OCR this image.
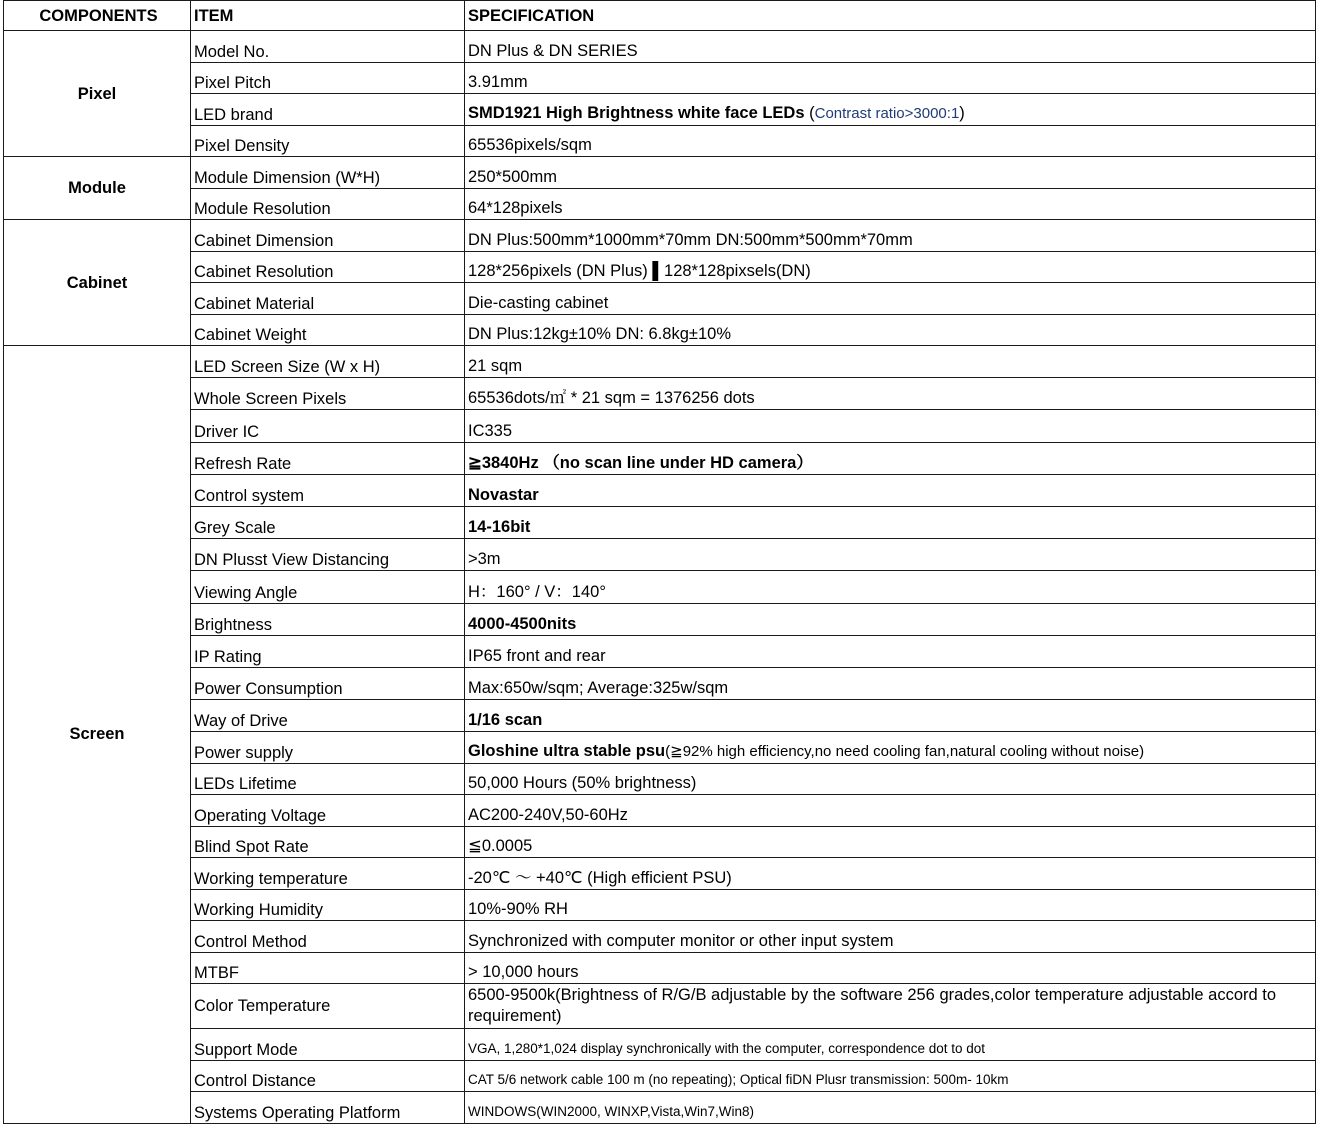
COMPONENTS	ITEM	SPECIFICATION
Pixel	Model No.	DN Plus & DN SERIES
	Pixel Pitch	3.91mm
	LED brand	SMD1921 High Brightness white face LEDs (Contrast ratio>3000:1)
	Pixel Density	65536pixels/sqm
Module	Module Dimension (W*H)	250*500mm
	Module Resolution	64*128pixels
Cabinet	Cabinet Dimension	DN Plus:500mm*1000mm*70mm DN:500mm*500mm*70mm
	Cabinet Resolution	128*256pixels (DN Plus) ▌128*128pixsels(DN)
	Cabinet Material	Die-casting cabinet
	Cabinet Weight	DN Plus:12kg±10% DN: 6.8kg±10%
Screen	LED Screen Size (W x H)	21 sqm
	Whole Screen Pixels	65536dots/㎡ * 21 sqm = 1376256 dots
	Driver IC	IC335
	Refresh Rate	≧3840Hz （no scan line under HD camera）
	Control system	Novastar
	Grey Scale	14-16bit
	DN Plusst View Distancing	>3m
	Viewing Angle	H：160° / V：140°
	Brightness	4000-4500nits
	IP Rating	IP65 front and rear
	Power Consumption	Max:650w/sqm; Average:325w/sqm
	Way of Drive	1/16 scan
	Power supply	Gloshine ultra stable psu(≧92% high efficiency,no need cooling fan,natural cooling without noise)
	LEDs Lifetime	50,000 Hours (50% brightness)
	Operating Voltage	AC200-240V,50-60Hz
	Blind Spot Rate	≦0.0005
	Working temperature	-20℃ ～ +40℃ (High efficient PSU)
	Working Humidity	10%-90% RH
	Control Method	Synchronized with computer monitor or other input system
	MTBF	> 10,000 hours
	Color Temperature	6500-9500k(Brightness of R/G/B adjustable by the software 256 grades,color temperature adjustable accord to requirement)
	Support Mode	VGA, 1,280*1,024 display synchronically with the computer, correspondence dot to dot
	Control Distance	CAT 5/6 network cable 100 m (no repeating); Optical fiDN Plusr transmission: 500m- 10km
	Systems Operating Platform	WINDOWS(WIN2000, WINXP,Vista,Win7,Win8)
